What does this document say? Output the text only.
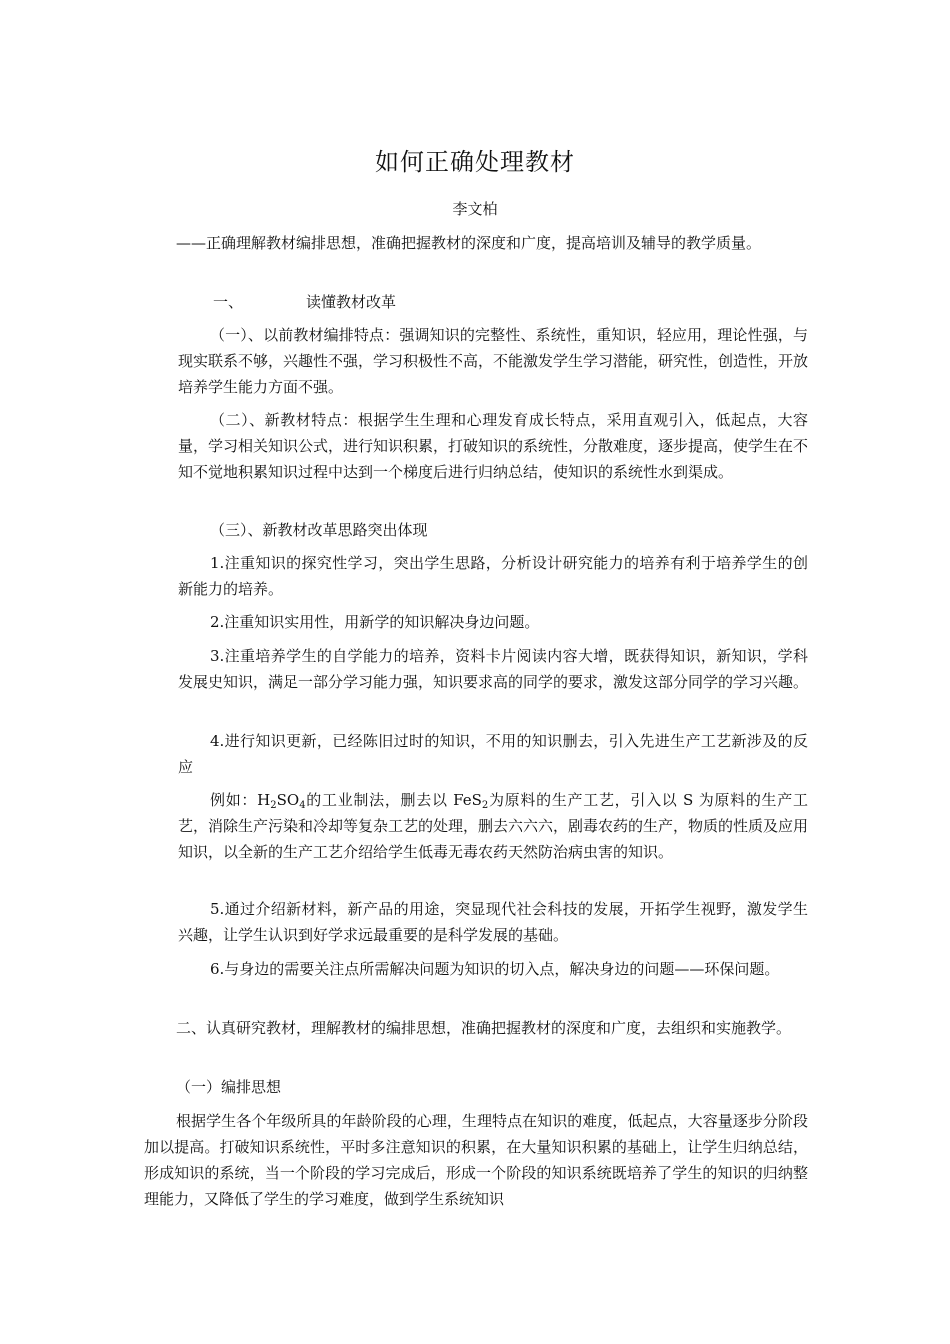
如何正确处理教材
李文柏

——正确理解教材编排思想，准确把握教材的深度和广度，提高培训及辅导的教学质量。

一、	读懂教材改革

（一）、以前教材编排特点：强调知识的完整性、系统性，重知识，轻应用，理论性强，与现实联系不够，兴趣性不强，学习积极性不高，不能激发学生学习潜能，研究性，创造性，开放培养学生能力方面不强。

（二）、新教材特点：根据学生生理和心理发育成长特点，采用直观引入，低起点，大容量，学习相关知识公式，进行知识积累，打破知识的系统性，分散难度，逐步提高，使学生在不知不觉地积累知识过程中达到一个梯度后进行归纳总结，使知识的系统性水到渠成。

（三）、新教材改革思路突出体现

1.注重知识的探究性学习，突出学生思路，分析设计研究能力的培养有利于培养学生的创新能力的培养。

2.注重知识实用性，用新学的知识解决身边问题。

3.注重培养学生的自学能力的培养，资料卡片阅读内容大增，既获得知识，新知识，学科发展史知识，满足一部分学习能力强，知识要求高的同学的要求，激发这部分同学的学习兴趣。

4.进行知识更新，已经陈旧过时的知识，不用的知识删去，引入先进生产工艺新涉及的反应

例如：$H_2SO_4$的工业制法，删去以 FeS$_2$为原料的生产工艺，引入以 S 为原料的生产工艺，消除生产污染和冷却等复杂工艺的处理，删去六六六，剧毒农药的生产，物质的性质及应用知识，以全新的生产工艺介绍给学生低毒无毒农药天然防治病虫害的知识。

5.通过介绍新材料，新产品的用途，突显现代社会科技的发展，开拓学生视野，激发学生兴趣，让学生认识到好学求远最重要的是科学发展的基础。

6.与身边的需要关注点所需解决问题为知识的切入点，解决身边的问题——环保问题。

二、认真研究教材，理解教材的编排思想，准确把握教材的深度和广度，去组织和实施教学。

（一）编排思想

根据学生各个年级所具的年龄阶段的心理，生理特点在知识的难度，低起点，大容量逐步分阶段加以提高。打破知识系统性，平时多注意知识的积累，在大量知识积累的基础上，让学生归纳总结，形成知识的系统，当一个阶段的学习完成后，形成一个阶段的知识系统既培养了学生的知识的归纳整理能力，又降低了学生的学习难度，做到学生系统知识
